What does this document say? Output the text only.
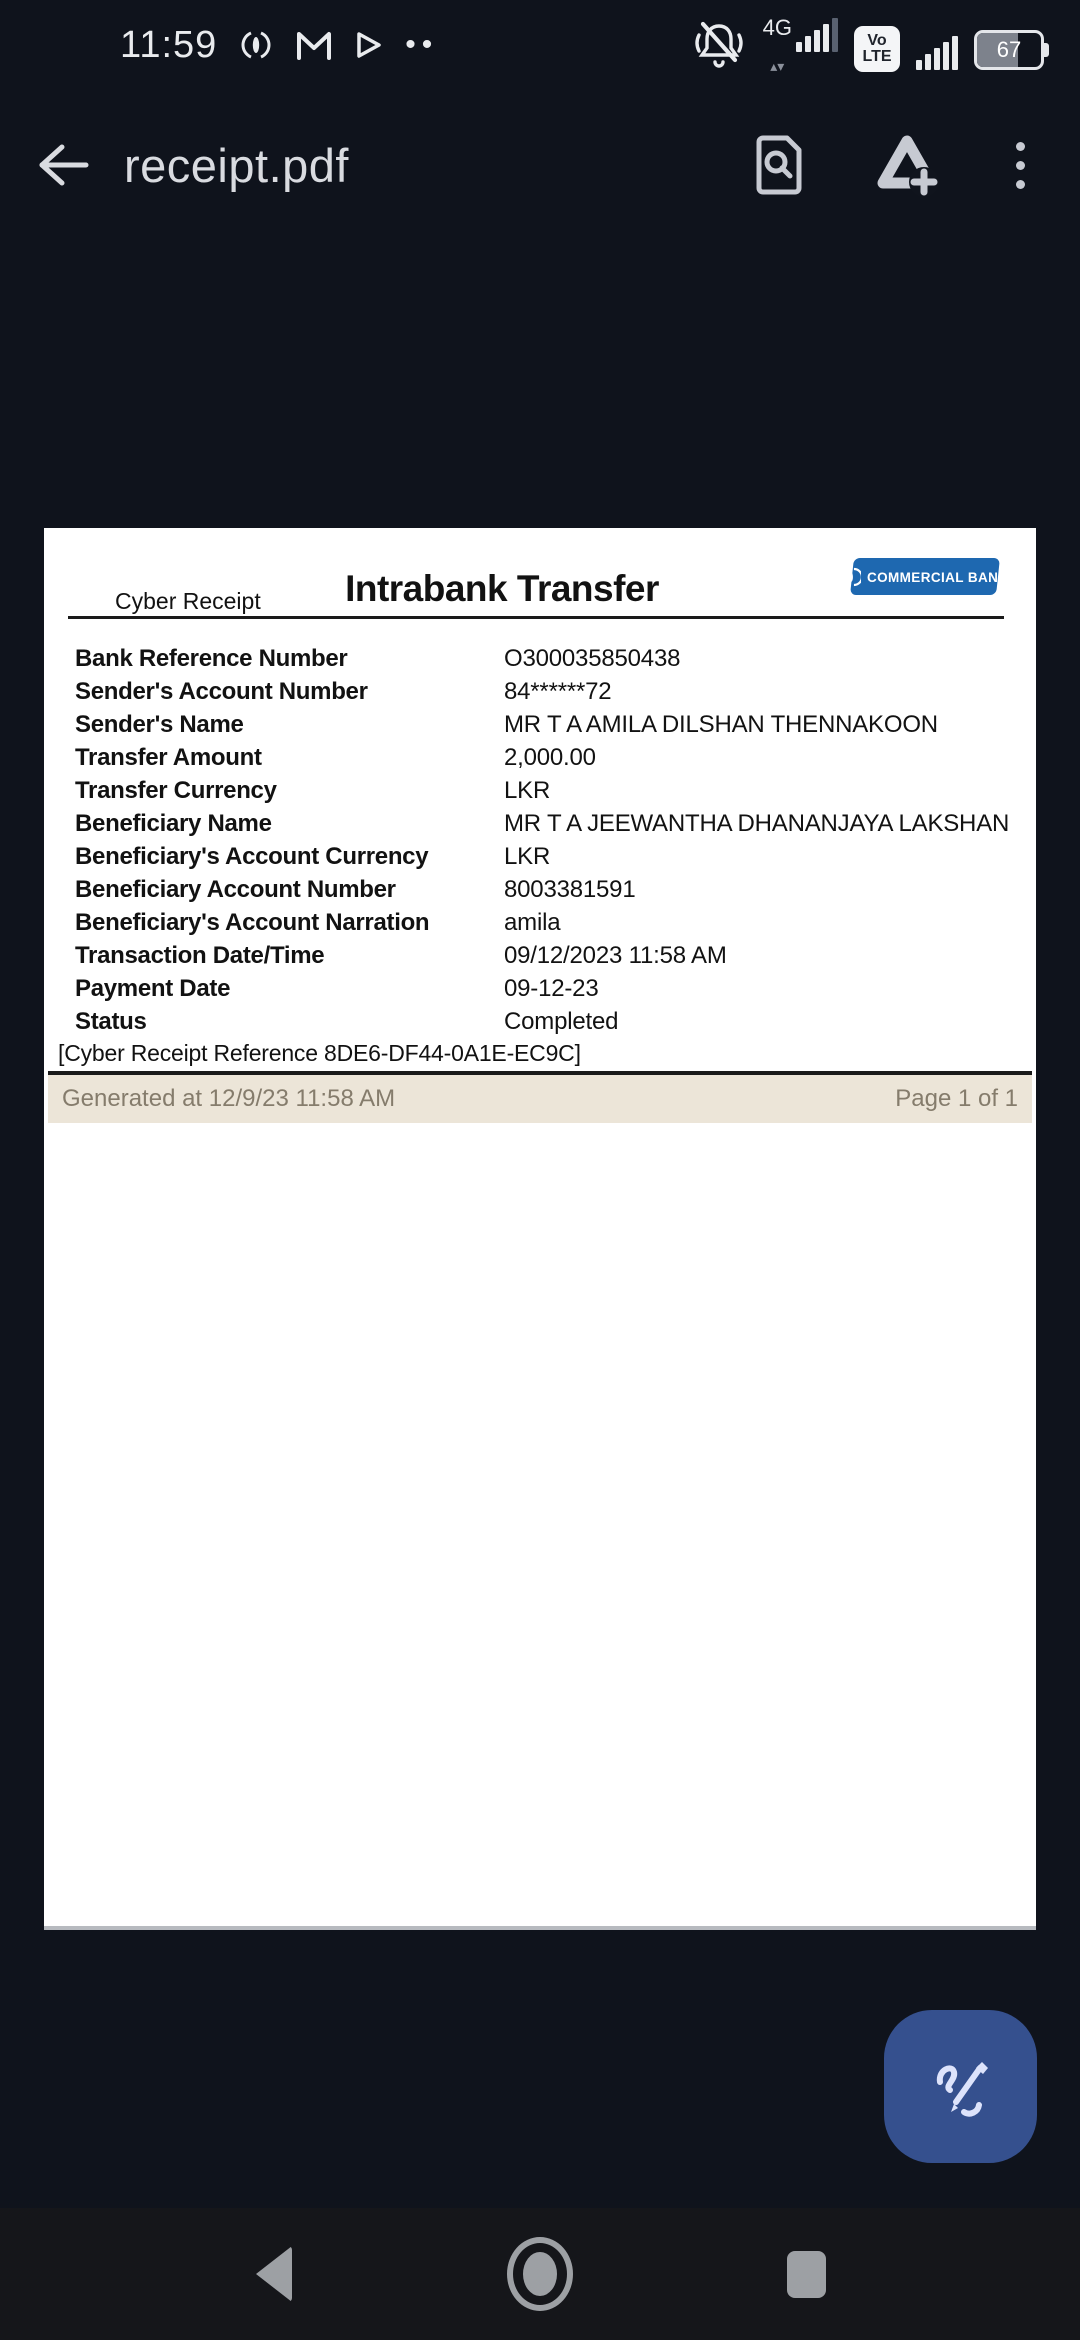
11:59	••
4G
▴▾
Vo
LTE	67
receipt.pdf
Cyber Receipt Intrabank Transfer	COMMERCIAL BANK
Bank Reference Number	O300035850438
Sender's Account Number	84******72
Sender's Name	MR T A AMILA DILSHAN THENNAKOON
Transfer Amount	2,000.00
Transfer Currency	LKR
Beneficiary Name	MR T A JEEWANTHA DHANANJAYA LAKSHAN
Beneficiary's Account Currency	LKR
Beneficiary Account Number	8003381591
Beneficiary's Account Narration	amila
Transaction Date/Time	09/12/2023 11:58 AM
Payment Date	09-12-23
Status	Completed
[Cyber Receipt Reference 8DE6-DF44-0A1E-EC9C]
Generated at 12/9/23 11:58 AM	Page 1 of 1
